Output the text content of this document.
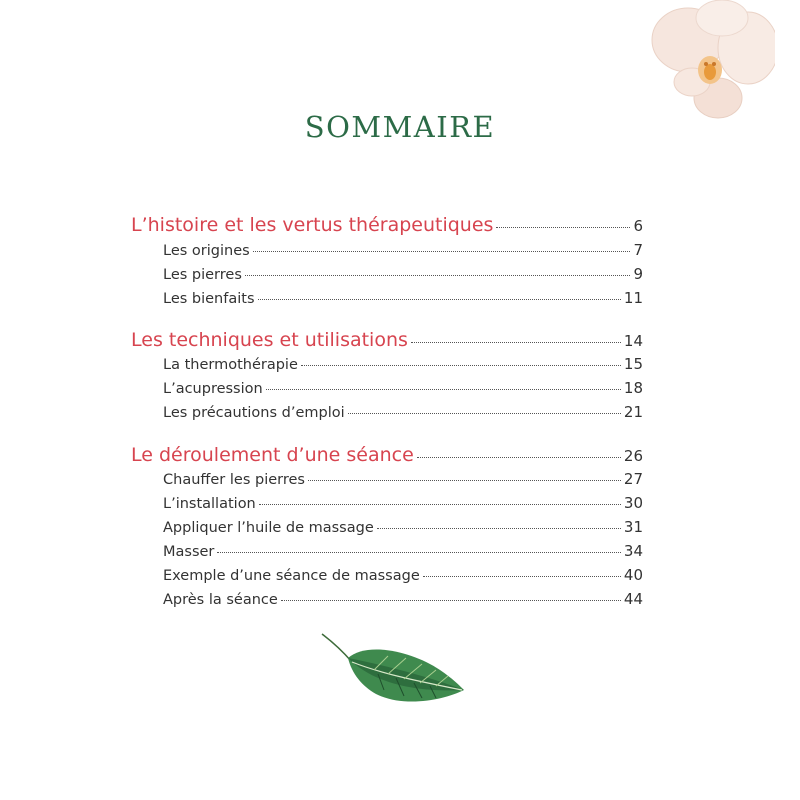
SOMMAIRE
L’histoire et les vertus thérapeutiques	6
Les origines	7
Les pierres	9
Les bienfaits	11
Les techniques et utilisations	14
La thermothérapie	15
L’acupression	18
Les précautions d’emploi	21
Le déroulement d’une séance	26
Chauffer les pierres	27
L’installation	30
Appliquer l’huile de massage	31
Masser	34
Exemple d’une séance de massage	40
Après la séance	44
